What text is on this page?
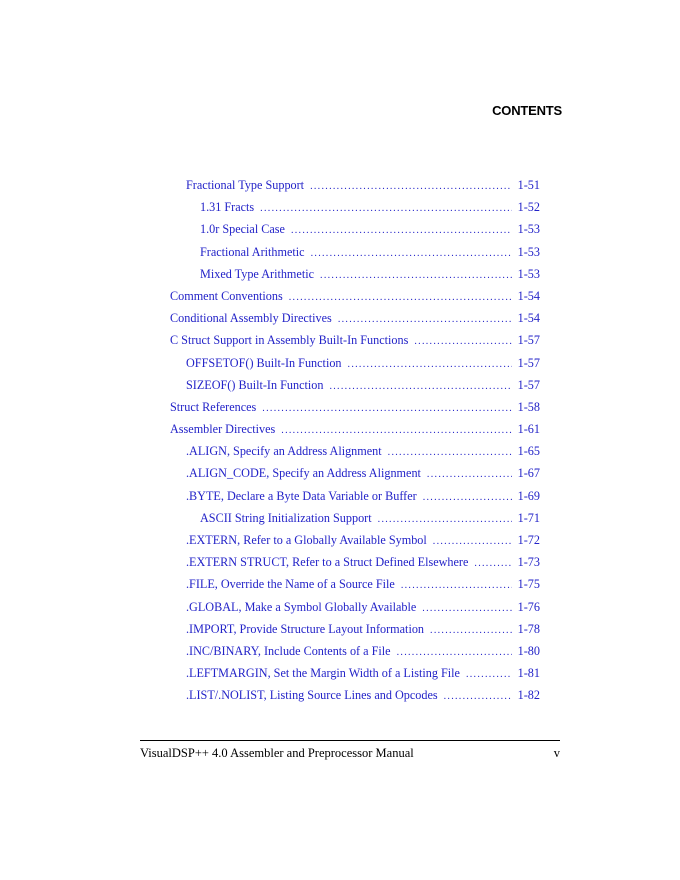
CONTENTS
Fractional Type Support . . .	1-51
1.31 Fracts . . .	1-52
1.0r Special Case . . .	1-53
Fractional Arithmetic . . .	1-53
Mixed Type Arithmetic . . .	1-53
Comment Conventions . . .	1-54
Conditional Assembly Directives . . .	1-54
C Struct Support in Assembly Built-In Functions . . .	1-57
OFFSETOF() Built-In Function . . .	1-57
SIZEOF() Built-In Function . . .	1-57
Struct References . . .	1-58
Assembler Directives . . .	1-61
.ALIGN, Specify an Address Alignment . . .	1-65
.ALIGN_CODE, Specify an Address Alignment . . .	1-67
.BYTE, Declare a Byte Data Variable or Buffer . . .	1-69
ASCII String Initialization Support . . .	1-71
.EXTERN, Refer to a Globally Available Symbol . . .	1-72
.EXTERN STRUCT, Refer to a Struct Defined Elsewhere . . .	1-73
.FILE, Override the Name of a Source File . . .	1-75
.GLOBAL, Make a Symbol Globally Available . . .	1-76
.IMPORT, Provide Structure Layout Information . . .	1-78
.INC/BINARY, Include Contents of a File . . .	1-80
.LEFTMARGIN, Set the Margin Width of a Listing File . . .	1-81
.LIST/.NOLIST, Listing Source Lines and Opcodes . . .	1-82
VisualDSP++ 4.0 Assembler and Preprocessor Manual	v
